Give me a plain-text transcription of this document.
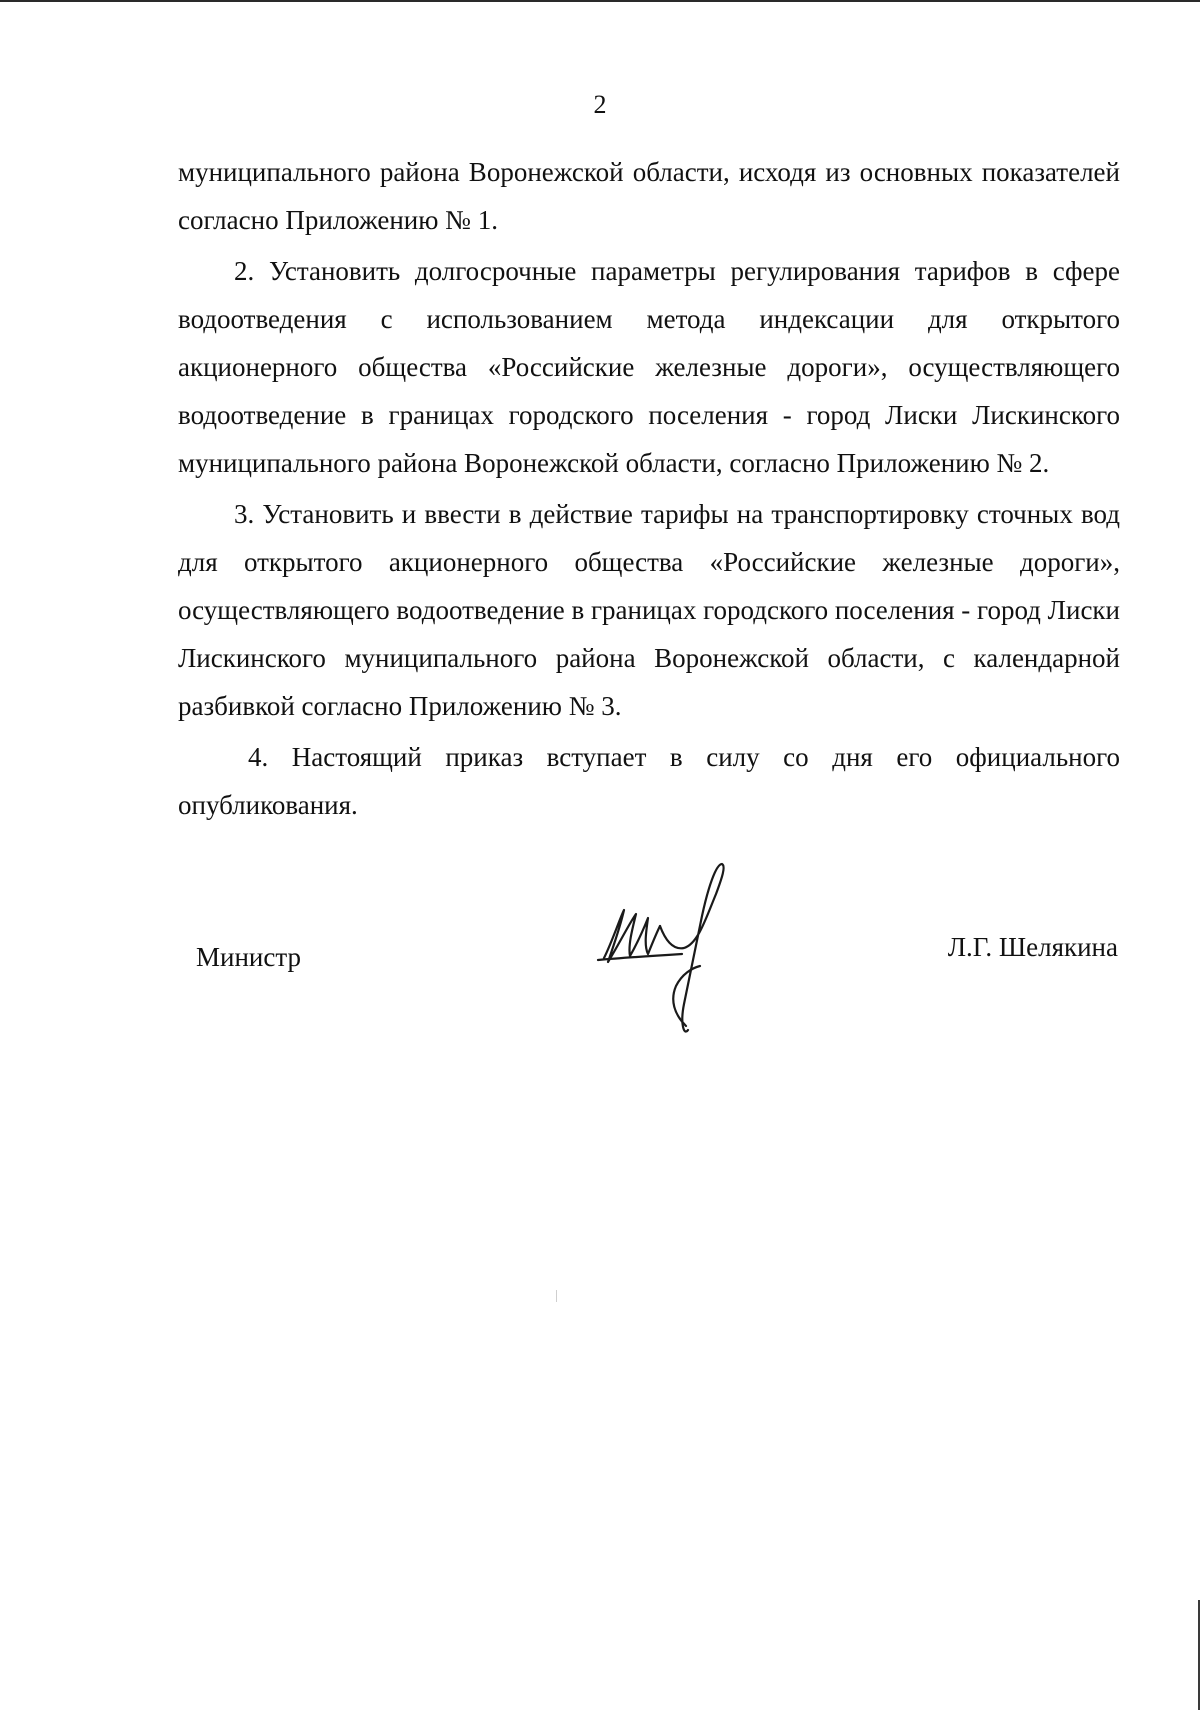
2

муниципального района Воронежской области, исходя из основных показателей согласно Приложению № 1.

2. Установить долгосрочные параметры регулирования тарифов в сфере водоотведения с использованием метода индексации для открытого акционерного общества «Российские железные дороги», осуществляющего водоотведение в границах городского поселения - город Лиски Лискинского муниципального района Воронежской области, согласно Приложению № 2.

3. Установить и ввести в действие тарифы на транспортировку сточных вод для открытого акционерного общества «Российские железные дороги», осуществляющего водоотведение в границах городского поселения - город Лиски Лискинского муниципального района Воронежской области, с календарной разбивкой согласно Приложению № 3.

4. Настоящий приказ вступает в силу со дня его официального опубликования.

Министр	Л.Г. Шелякина
